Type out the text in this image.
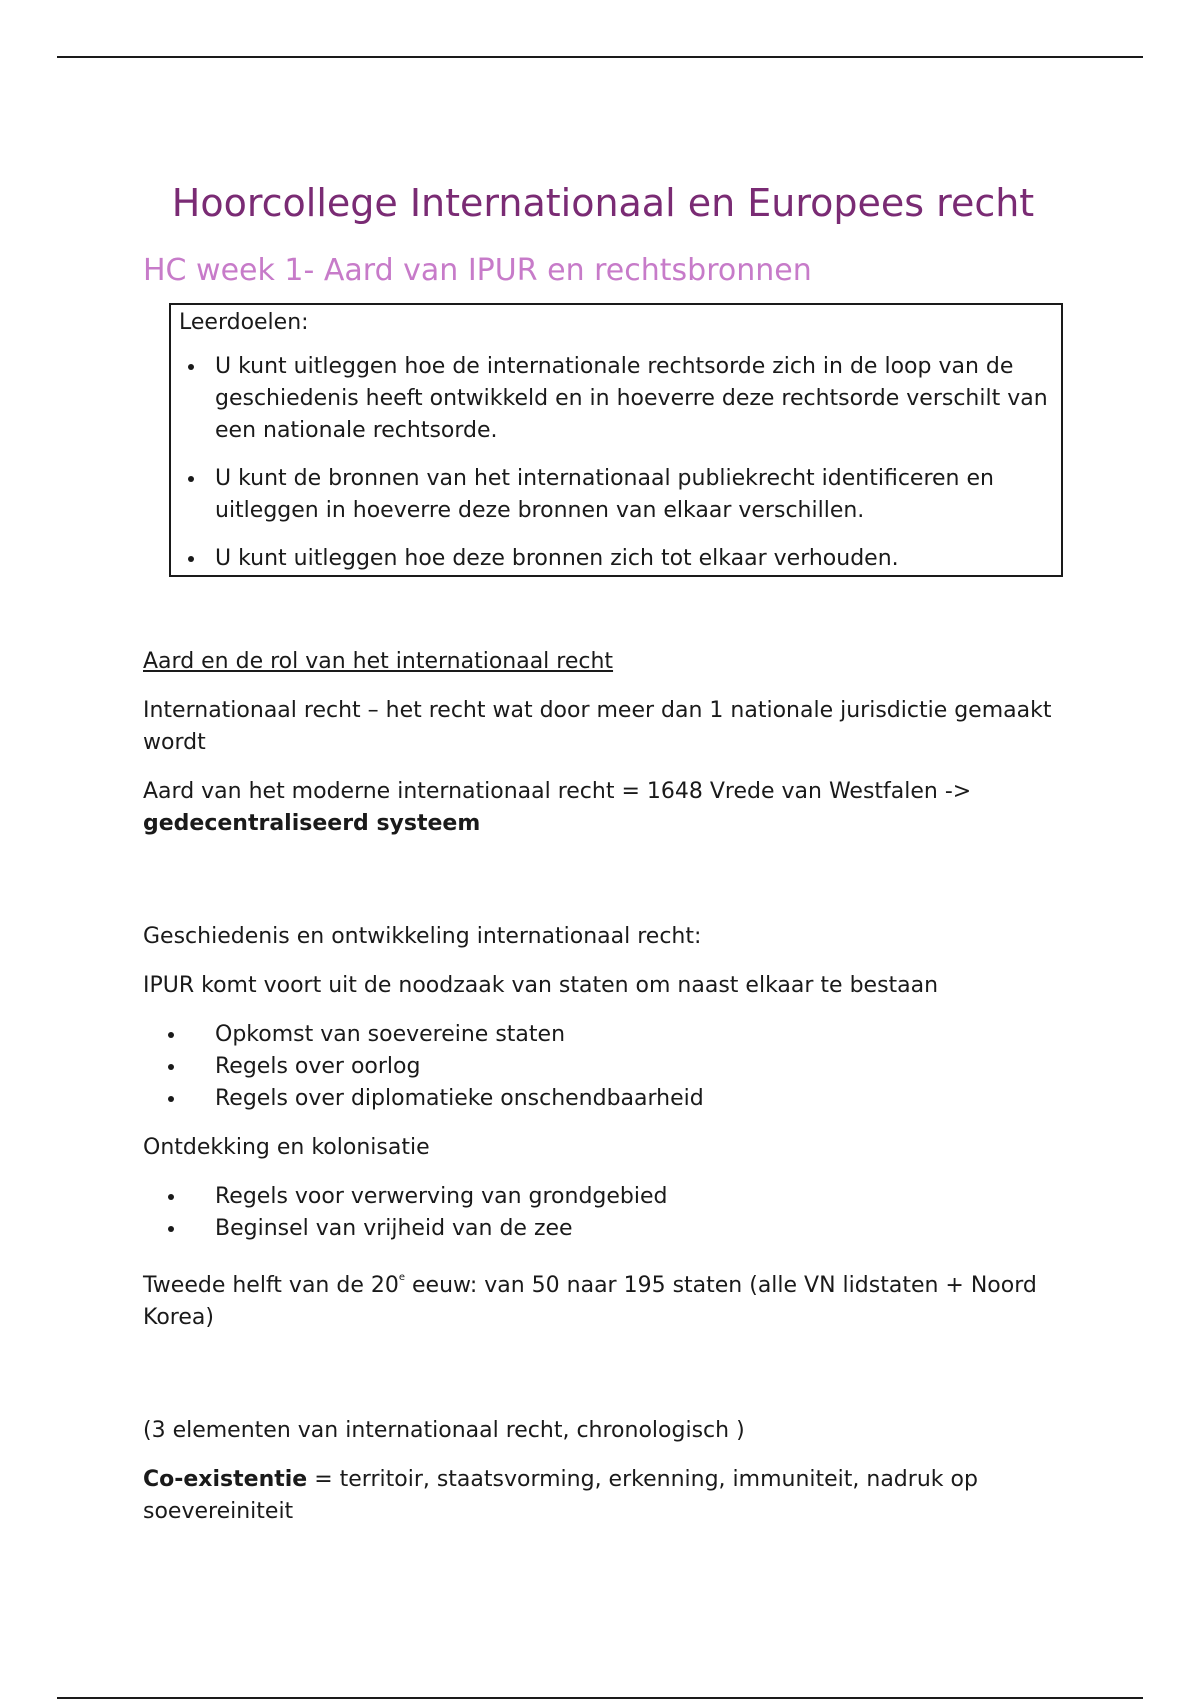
Hoorcollege Internationaal en Europees recht
HC week 1- Aard van IPUR en rechtsbronnen
Leerdoelen:
• U kunt uitleggen hoe de internationale rechtsorde zich in de loop van de geschiedenis heeft ontwikkeld en in hoeverre deze rechtsorde verschilt van een nationale rechtsorde.
• U kunt de bronnen van het internationaal publiekrecht identificeren en uitleggen in hoeverre deze bronnen van elkaar verschillen.
• U kunt uitleggen hoe deze bronnen zich tot elkaar verhouden.

Aard en de rol van het internationaal recht

Internationaal recht – het recht wat door meer dan 1 nationale jurisdictie gemaakt wordt

Aard van het moderne internationaal recht = 1648 Vrede van Westfalen -> gedecentraliseerd systeem

Geschiedenis en ontwikkeling internationaal recht:

IPUR komt voort uit de noodzaak van staten om naast elkaar te bestaan

• Opkomst van soevereine staten
• Regels over oorlog
• Regels over diplomatieke onschendbaarheid

Ontdekking en kolonisatie

• Regels voor verwerving van grondgebied
• Beginsel van vrijheid van de zee

Tweede helft van de 20e eeuw: van 50 naar 195 staten (alle VN lidstaten + Noord Korea)

(3 elementen van internationaal recht, chronologisch )

Co-existentie = territoir, staatsvorming, erkenning, immuniteit, nadruk op soevereiniteit
